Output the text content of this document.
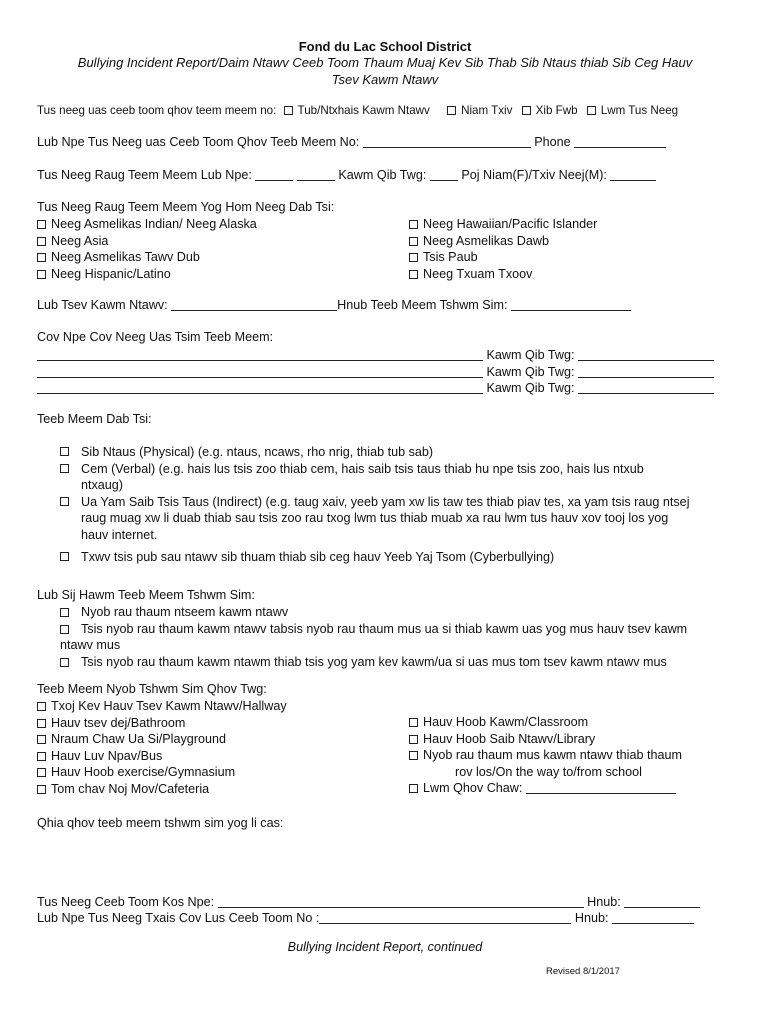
Fond du Lac School District
Bullying Incident Report/Daim Ntawv Ceeb Toom Thaum Muaj Kev Sib Thab Sib Ntaus thiab Sib Ceg Hauv
Tsev Kawm Ntawv
Tus neeg uas ceeb toom qhov teem meem no: Tub/Ntxhais Kawm Ntawv	Niam Txiv Xib Fwb Lwm Tus Neeg
Lub Npe Tus Neeg uas Ceeb Toom Qhov Teeb Meem No:	Phone
Tus Neeg Raug Teem Meem Lub Npe:	Kawm Qib Twg:	Poj Niam(F)/Txiv Neej(M):
Tus Neeg Raug Teem Meem Yog Hom Neeg Dab Tsi:
Neeg Asmelikas Indian/ Neeg Alaska
Neeg Asia
Neeg Asmelikas Tawv Dub
Neeg Hispanic/Latino
Neeg Hawaiian/Pacific Islander
Neeg Asmelikas Dawb
Tsis Paub
Neeg Txuam Txoov
Lub Tsev Kawm Ntawv:	Hnub Teeb Meem Tshwm Sim:
Cov Npe Cov Neeg Uas Tsim Teeb Meem:
Kawm Qib Twg:
Kawm Qib Twg:
Kawm Qib Twg:
Teeb Meem Dab Tsi:
Sib Ntaus (Physical) (e.g. ntaus, ncaws, rho nrig, thiab tub sab)
Cem (Verbal) (e.g. hais lus tsis zoo thiab cem, hais saib tsis taus thiab hu npe tsis zoo, hais lus ntxub ntxaug)
Ua Yam Saib Tsis Taus (Indirect) (e.g. taug xaiv, yeeb yam xw lis taw tes thiab piav tes, xa yam tsis raug ntsej raug muag xw li duab thiab sau tsis zoo rau txog lwm tus thiab muab xa rau lwm tus hauv xov tooj los yog hauv internet.
Txwv tsis pub sau ntawv sib thuam thiab sib ceg hauv Yeeb Yaj Tsom (Cyberbullying)
Lub Sij Hawm Teeb Meem Tshwm Sim:
Nyob rau thaum ntseem kawm ntawv
Tsis nyob rau thaum kawm ntawv tabsis nyob rau thaum mus ua si thiab kawm uas yog mus hauv tsev kawm ntawv mus
Tsis nyob rau thaum kawm ntawm thiab tsis yog yam kev kawm/ua si uas mus tom tsev kawm ntawv mus
Teeb Meem Nyob Tshwm Sim Qhov Twg:
Txoj Kev Hauv Tsev Kawm Ntawv/Hallway
Hauv tsev dej/Bathroom
Nraum Chaw Ua Si/Playground
Hauv Luv Npav/Bus
Hauv Hoob exercise/Gymnasium
Tom chav Noj Mov/Cafeteria
Hauv Hoob Kawm/Classroom
Hauv Hoob Saib Ntawv/Library
Nyob rau thaum mus kawm ntawv thiab thaum
rov los/On the way to/from school
Lwm Qhov Chaw:
Qhia qhov teeb meem tshwm sim yog li cas:
Tus Neeg Ceeb Toom Kos Npe:	Hnub:
Lub Npe Tus Neeg Txais Cov Lus Ceeb Toom No :	Hnub:
Bullying Incident Report, continued
Revised 8/1/2017
